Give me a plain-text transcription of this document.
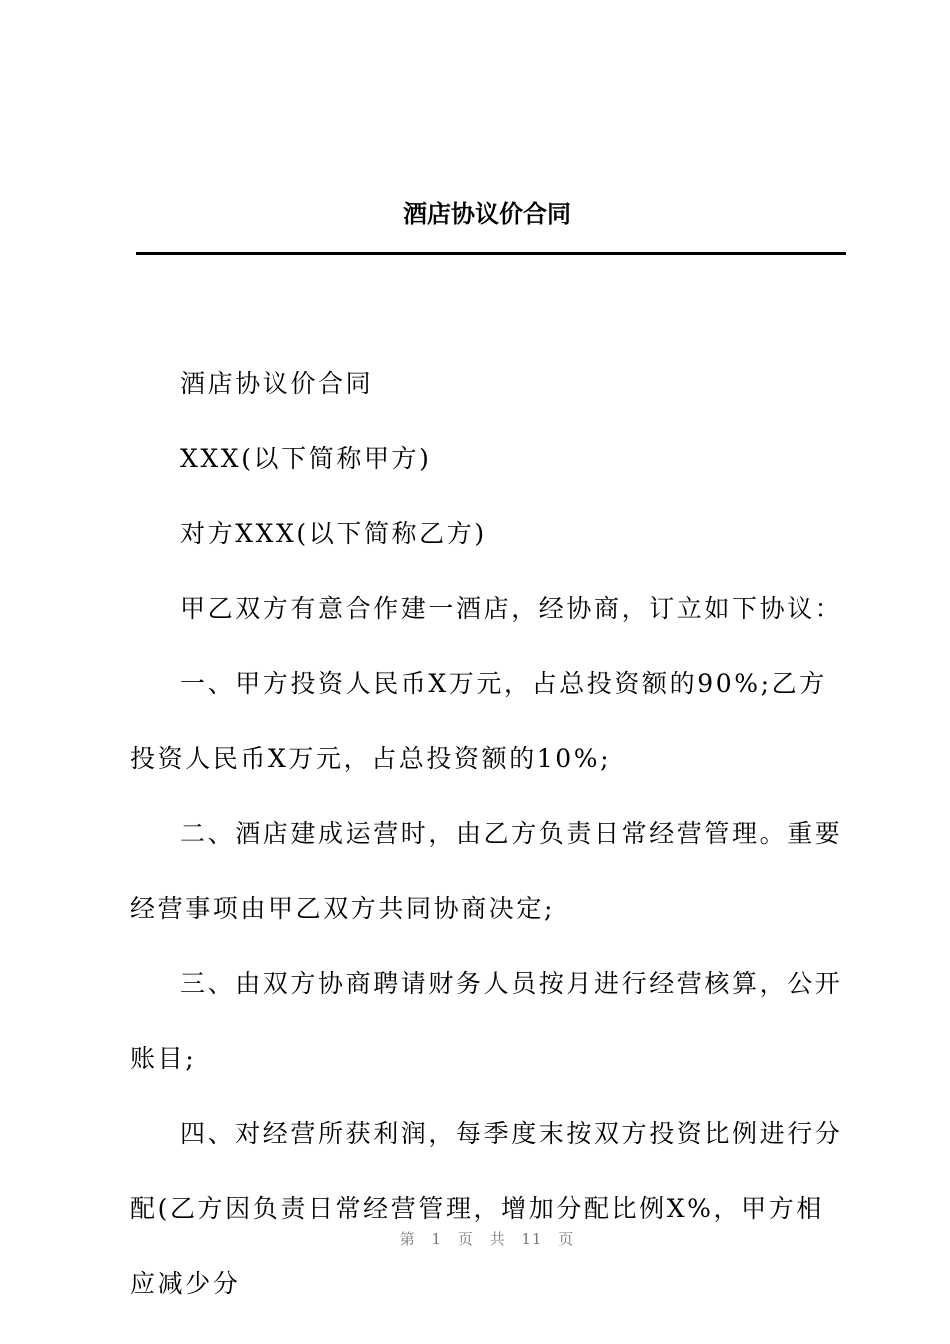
酒店协议价合同

酒店协议价合同

XXX(以下简称甲方)

对方XXX(以下简称乙方)

甲乙双方有意合作建一酒店，经协商，订立如下协议：

一、甲方投资人民币X万元，占总投资额的90%;乙方投资人民币X万元，占总投资额的10%;

二、酒店建成运营时，由乙方负责日常经营管理。重要经营事项由甲乙双方共同协商决定;

三、由双方协商聘请财务人员按月进行经营核算，公开账目;

四、对经营所获利润，每季度末按双方投资比例进行分配(乙方因负责日常经营管理，增加分配比例X%，甲方相应减少分

第 1 页 共 11 页
